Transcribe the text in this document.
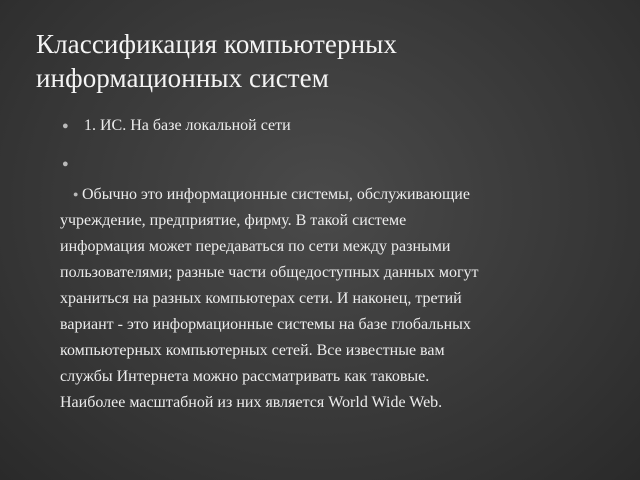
Классификация компьютерных
информационных систем
● 1. ИС. На базе локальной сети
●
● Обычно это информационные системы, обслуживающие
учреждение, предприятие, фирму. В такой системе
информация может передаваться по сети между разными
пользователями; разные части общедоступных данных могут
храниться на разных компьютерах сети. И наконец, третий
вариант - это информационные системы на базе глобальных
компьютерных компьютерных сетей. Все известные вам
службы Интернета можно рассматривать как таковые.
Наиболее масштабной из них является World Wide Web.
